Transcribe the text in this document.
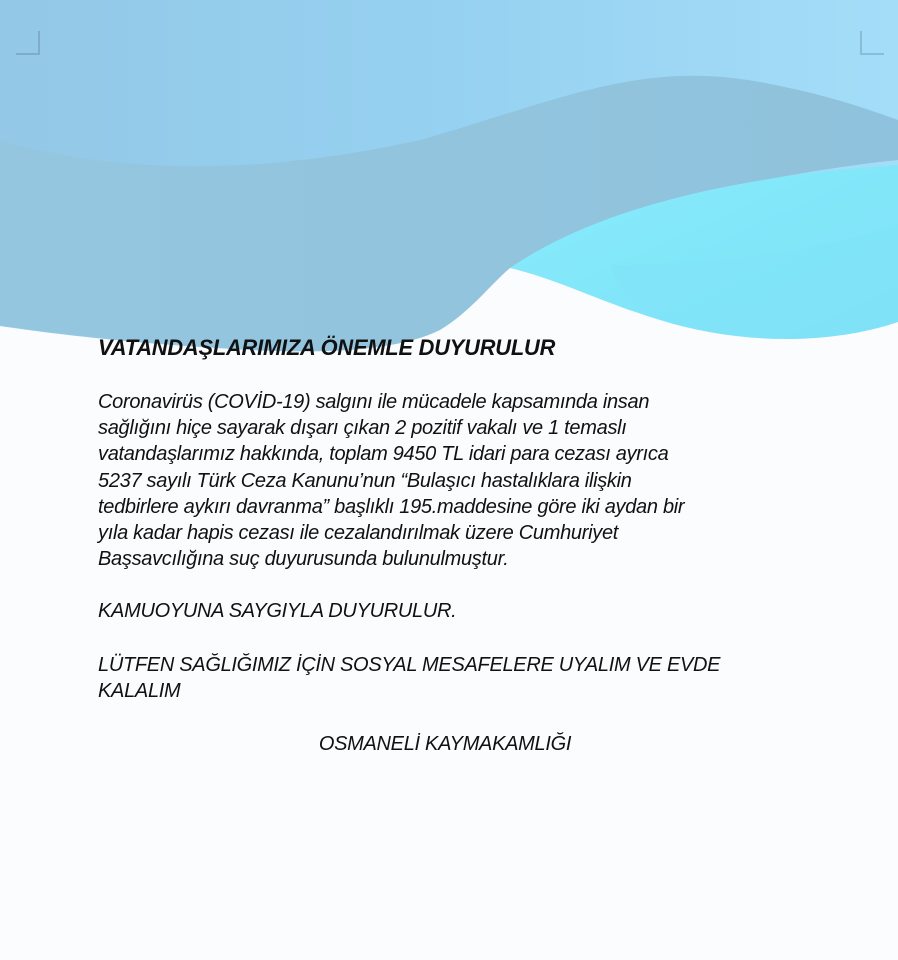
VATANDAŞLARIMIZA ÖNEMLE DUYURULUR
Coronavirüs (COVİD-19) salgını ile mücadele kapsamında insan
sağlığını hiçe sayarak dışarı çıkan 2 pozitif vakalı ve 1 temaslı
vatandaşlarımız hakkında, toplam 9450 TL idari para cezası ayrıca
5237 sayılı Türk Ceza Kanunu’nun “Bulaşıcı hastalıklara ilişkin
tedbirlere aykırı davranma” başlıklı 195.maddesine göre iki aydan bir
yıla kadar hapis cezası ile cezalandırılmak üzere Cumhuriyet
Başsavcılığına suç duyurusunda bulunulmuştur.
KAMUOYUNA SAYGIYLA DUYURULUR.
LÜTFEN SAĞLIĞIMIZ İÇİN SOSYAL MESAFELERE UYALIM VE EVDE
KALALIM
OSMANELİ KAYMAKAMLIĞI
